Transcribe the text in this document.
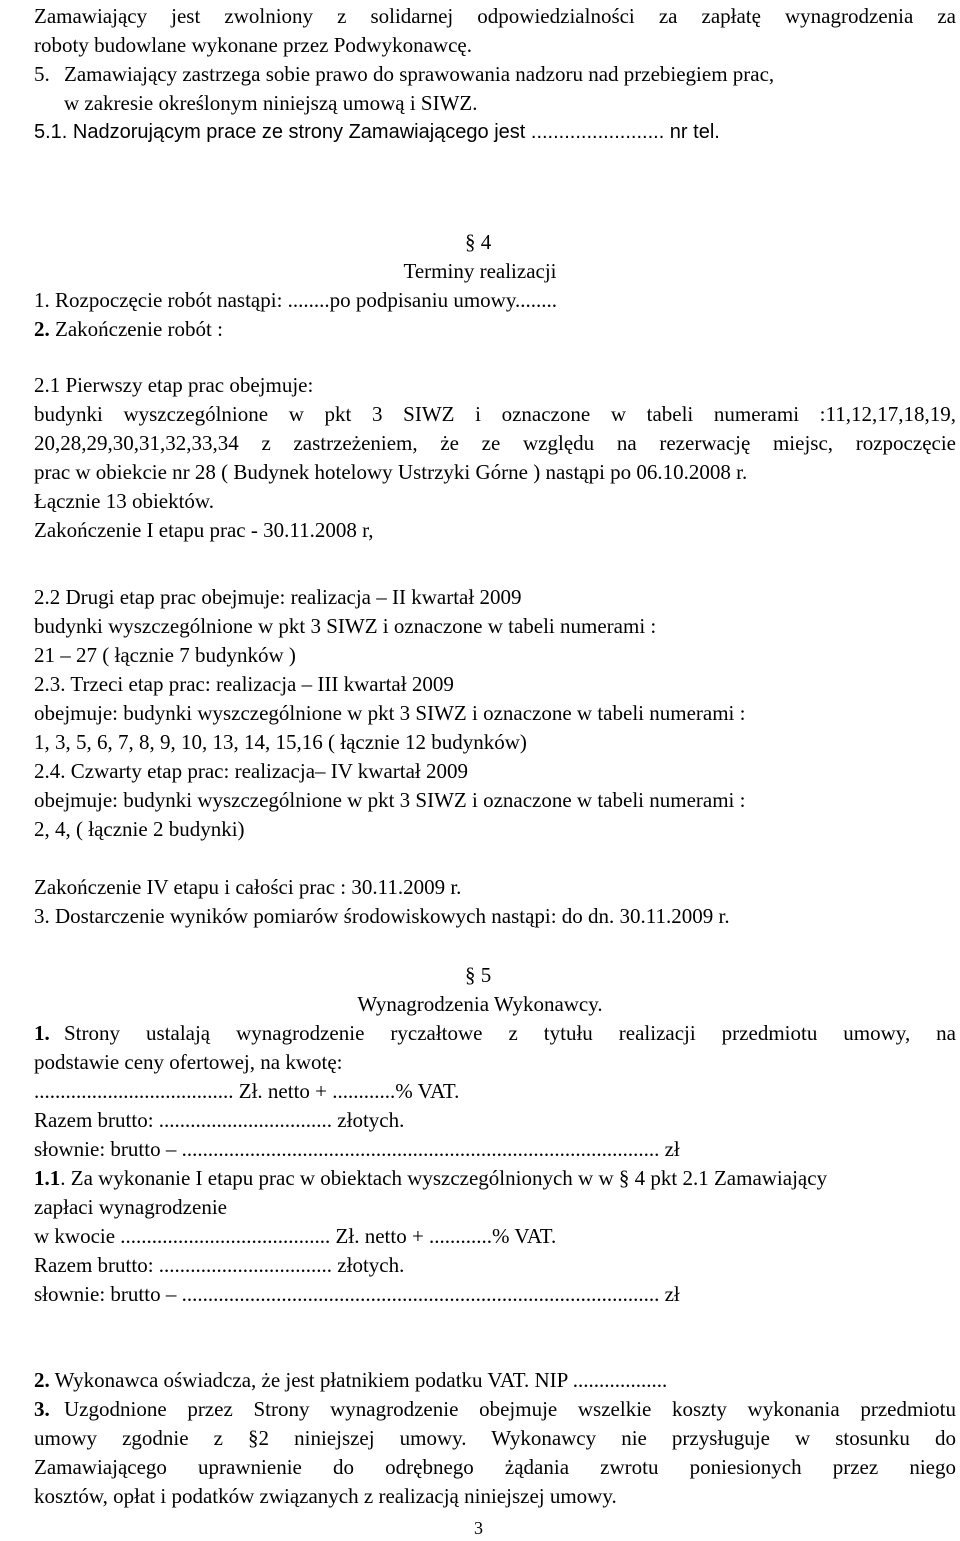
Zamawiający jest zwolniony z solidarnej odpowiedzialności za zapłatę wynagrodzenia za
roboty budowlane wykonane przez Podwykonawcę.
5. Zamawiający zastrzega sobie prawo do sprawowania nadzoru nad przebiegiem prac,
w zakresie określonym niniejszą umową i SIWZ.
5.1. Nadzorującym prace ze strony Zamawiającego jest ........................ nr tel.
§ 4
Terminy realizacji
1. Rozpoczęcie robót nastąpi: ........po podpisaniu umowy........
2. Zakończenie robót :
2.1 Pierwszy etap prac obejmuje:
budynki wyszczególnione w pkt 3 SIWZ i oznaczone w tabeli numerami :11,12,17,18,19,
20,28,29,30,31,32,33,34 z zastrzeżeniem, że ze względu na rezerwację miejsc, rozpoczęcie
prac w obiekcie nr 28 ( Budynek hotelowy Ustrzyki Górne ) nastąpi po 06.10.2008 r.
Łącznie 13 obiektów.
Zakończenie I etapu prac - 30.11.2008 r,
2.2 Drugi etap prac obejmuje: realizacja – II kwartał 2009
budynki wyszczególnione w pkt 3 SIWZ i oznaczone w tabeli numerami :
21 – 27 ( łącznie 7 budynków )
2.3. Trzeci etap prac: realizacja – III kwartał 2009
obejmuje: budynki wyszczególnione w pkt 3 SIWZ i oznaczone w tabeli numerami :
1, 3, 5, 6, 7, 8, 9, 10, 13, 14, 15,16 ( łącznie 12 budynków)
2.4. Czwarty etap prac: realizacja– IV kwartał 2009
obejmuje: budynki wyszczególnione w pkt 3 SIWZ i oznaczone w tabeli numerami :
2, 4, ( łącznie 2 budynki)
Zakończenie IV etapu i całości prac : 30.11.2009 r.
3. Dostarczenie wyników pomiarów środowiskowych nastąpi: do dn. 30.11.2009 r.
§ 5
Wynagrodzenia Wykonawcy.
1. Strony ustalają wynagrodzenie ryczałtowe z tytułu realizacji przedmiotu umowy, na
podstawie ceny ofertowej, na kwotę:
...................................... Zł. netto + ............% VAT.
Razem brutto: ................................. złotych.
słownie: brutto – ........................................................................................... zł
1.1. Za wykonanie I etapu prac w obiektach wyszczególnionych w w § 4 pkt 2.1 Zamawiający
zapłaci wynagrodzenie
w kwocie ........................................ Zł. netto + ............% VAT.
Razem brutto: ................................. złotych.
słownie: brutto – ........................................................................................... zł
2. Wykonawca oświadcza, że jest płatnikiem podatku VAT. NIP ..................
3. Uzgodnione przez Strony wynagrodzenie obejmuje wszelkie koszty wykonania przedmiotu
umowy zgodnie z §2 niniejszej umowy. Wykonawcy nie przysługuje w stosunku do
Zamawiającego uprawnienie do odrębnego żądania zwrotu poniesionych przez niego
kosztów, opłat i podatków związanych z realizacją niniejszej umowy.
3
